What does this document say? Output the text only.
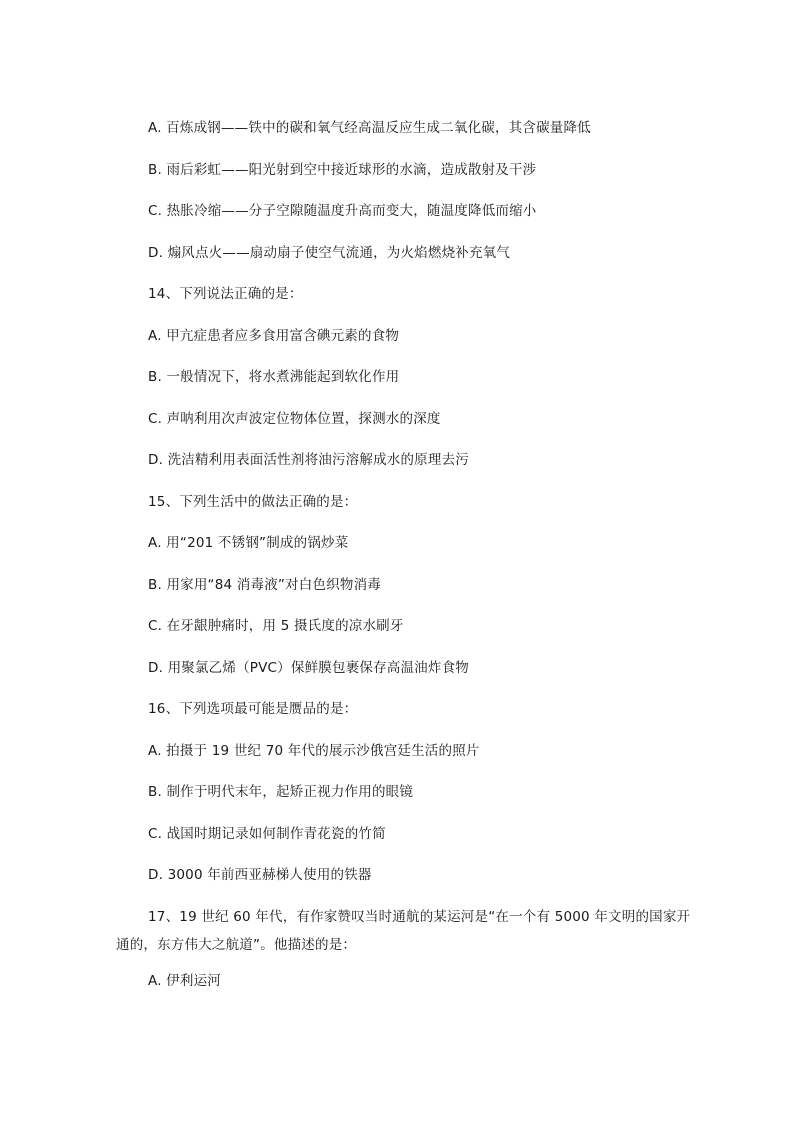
A. 百炼成钢——铁中的碳和氧气经高温反应生成二氧化碳，其含碳量降低
B. 雨后彩虹——阳光射到空中接近球形的水滴，造成散射及干涉
C. 热胀冷缩——分子空隙随温度升高而变大，随温度降低而缩小
D. 煽风点火——扇动扇子使空气流通，为火焰燃烧补充氧气
14、下列说法正确的是：
A. 甲亢症患者应多食用富含碘元素的食物
B. 一般情况下，将水煮沸能起到软化作用
C. 声呐利用次声波定位物体位置，探测水的深度
D. 洗洁精利用表面活性剂将油污溶解成水的原理去污
15、下列生活中的做法正确的是：
A. 用“201 不锈钢”制成的锅炒菜
B. 用家用“84 消毒液”对白色织物消毒
C. 在牙龈肿痛时，用 5 摄氏度的凉水刷牙
D. 用聚氯乙烯（PVC）保鲜膜包裹保存高温油炸食物
16、下列选项最可能是赝品的是：
A. 拍摄于 19 世纪 70 年代的展示沙俄宫廷生活的照片
B. 制作于明代末年，起矫正视力作用的眼镜
C. 战国时期记录如何制作青花瓷的竹简
D. 3000 年前西亚赫梯人使用的铁器
17、19 世纪 60 年代，有作家赞叹当时通航的某运河是“在一个有 5000 年文明的国家开通的，东方伟大之航道”。他描述的是：
A. 伊利运河
